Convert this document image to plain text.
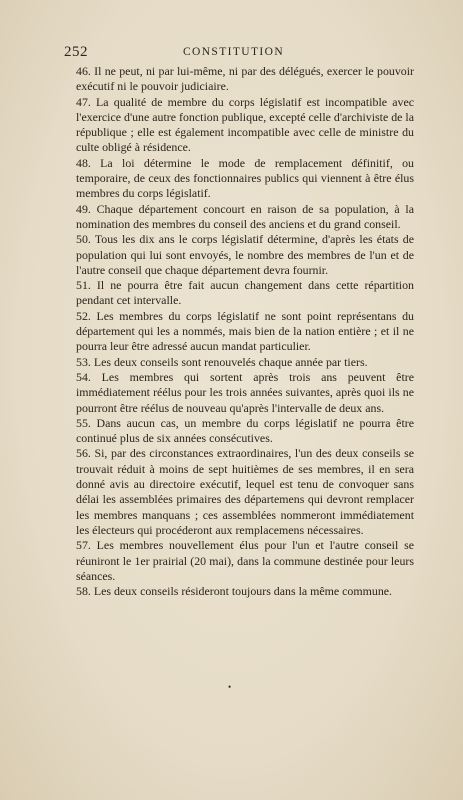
252	CONSTITUTION

46. Il ne peut, ni par lui-même, ni par des délégués, exercer le pouvoir exécutif ni le pouvoir judiciaire.

47. La qualité de membre du corps législatif est incompatible avec l'exercice d'une autre fonction publique, excepté celle d'archiviste de la république ; elle est également incompatible avec celle de ministre du culte obligé à résidence.

48. La loi détermine le mode de remplacement définitif, ou temporaire, de ceux des fonctionnaires publics qui viennent à être élus membres du corps législatif.

49. Chaque département concourt en raison de sa population, à la nomination des membres du conseil des anciens et du grand conseil.

50. Tous les dix ans le corps législatif détermine, d'après les états de population qui lui sont envoyés, le nombre des membres de l'un et de l'autre conseil que chaque département devra fournir.

51. Il ne pourra être fait aucun changement dans cette répartition pendant cet intervalle.

52. Les membres du corps législatif ne sont point représentans du département qui les a nommés, mais bien de la nation entière ; et il ne pourra leur être adressé aucun mandat particulier.

53. Les deux conseils sont renouvelés chaque année par tiers.

54. Les membres qui sortent après trois ans peuvent être immédiatement réélus pour les trois années suivantes, après quoi ils ne pourront être réélus de nouveau qu'après l'intervalle de deux ans.

55. Dans aucun cas, un membre du corps législatif ne pourra être continué plus de six années consécutives.

56. Si, par des circonstances extraordinaires, l'un des deux conseils se trouvait réduit à moins de sept huitièmes de ses membres, il en sera donné avis au directoire exécutif, lequel est tenu de convoquer sans délai les assemblées primaires des départemens qui devront remplacer les membres manquans ; ces assemblées nommeront immédiatement les électeurs qui procéderont aux remplacemens nécessaires.

57. Les membres nouvellement élus pour l'un et l'autre conseil se réuniront le 1er prairial (20 mai), dans la commune destinée pour leurs séances.

58. Les deux conseils résideront toujours dans la même commune.

•
